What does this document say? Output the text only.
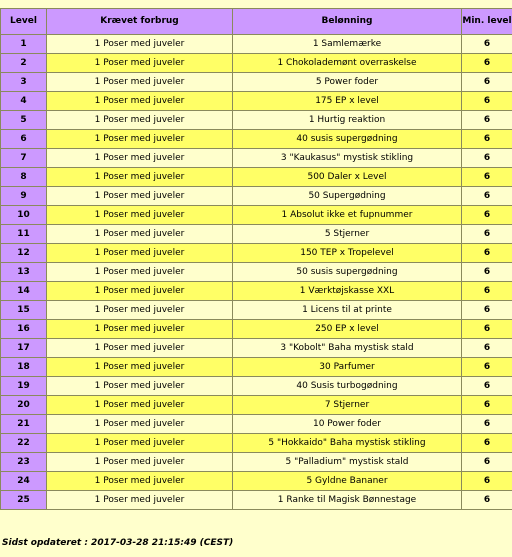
Level	Krævet forbrug	Belønning	Min. level
1	1 Poser med juveler	1 Samlemærke	6
2	1 Poser med juveler	1 Chokolademønt overraskelse	6
3	1 Poser med juveler	5 Power foder	6
4	1 Poser med juveler	175 EP x level	6
5	1 Poser med juveler	1 Hurtig reaktion	6
6	1 Poser med juveler	40 susis supergødning	6
7	1 Poser med juveler	3 "Kaukasus" mystisk stikling	6
8	1 Poser med juveler	500 Daler x Level	6
9	1 Poser med juveler	50 Supergødning	6
10	1 Poser med juveler	1 Absolut ikke et fupnummer	6
11	1 Poser med juveler	5 Stjerner	6
12	1 Poser med juveler	150 TEP x Tropelevel	6
13	1 Poser med juveler	50 susis supergødning	6
14	1 Poser med juveler	1 Værktøjskasse XXL	6
15	1 Poser med juveler	1 Licens til at printe	6
16	1 Poser med juveler	250 EP x level	6
17	1 Poser med juveler	3 "Kobolt" Baha mystisk stald	6
18	1 Poser med juveler	30 Parfumer	6
19	1 Poser med juveler	40 Susis turbogødning	6
20	1 Poser med juveler	7 Stjerner	6
21	1 Poser med juveler	10 Power foder	6
22	1 Poser med juveler	5 "Hokkaido" Baha mystisk stikling	6
23	1 Poser med juveler	5 "Palladium" mystisk stald	6
24	1 Poser med juveler	5 Gyldne Bananer	6
25	1 Poser med juveler	1 Ranke til Magisk Bønnestage	6
Sidst opdateret : 2017-03-28 21:15:49 (CEST)
